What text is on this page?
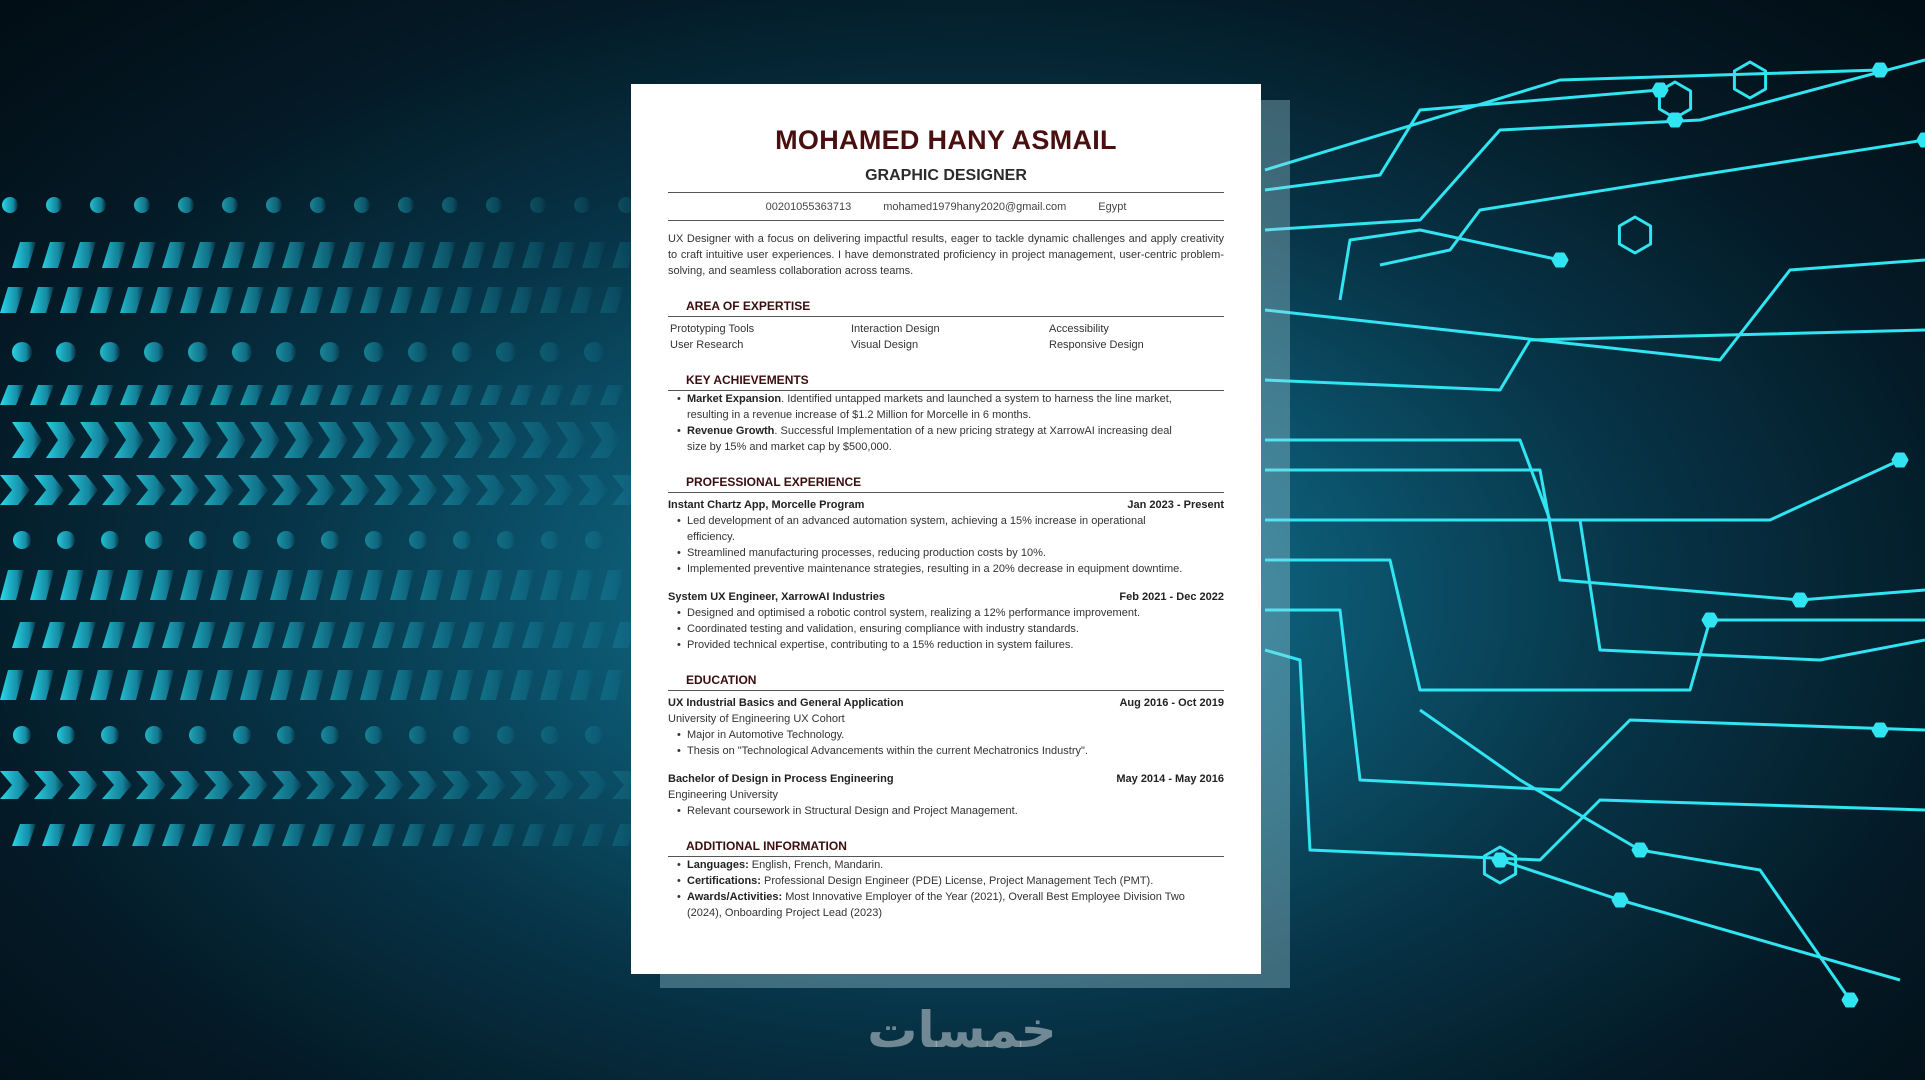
MOHAMED HANY ASMAIL
GRAPHIC DESIGNER
00201055363713	mohamed1979hany2020@gmail.com	Egypt
UX Designer with a focus on delivering impactful results, eager to tackle dynamic challenges and apply creativity to craft intuitive user experiences. I have demonstrated proficiency in project management, user-centric problem-solving, and seamless collaboration across teams.
AREA OF EXPERTISE
Prototyping Tools	Interaction Design	Accessibility
User Research	Visual Design	Responsive Design
KEY ACHIEVEMENTS
• Market Expansion. Identified untapped markets and launched a system to harness the line market, resulting in a revenue increase of $1.2 Million for Morcelle in 6 months.
• Revenue Growth. Successful Implementation of a new pricing strategy at XarrowAI increasing deal size by 15% and market cap by $500,000.
PROFESSIONAL EXPERIENCE
Instant Chartz App, Morcelle Program	Jan 2023 - Present
• Led development of an advanced automation system, achieving a 15% increase in operational efficiency.
• Streamlined manufacturing processes, reducing production costs by 10%.
• Implemented preventive maintenance strategies, resulting in a 20% decrease in equipment downtime.
System UX Engineer, XarrowAI Industries	Feb 2021 - Dec 2022
• Designed and optimised a robotic control system, realizing a 12% performance improvement.
• Coordinated testing and validation, ensuring compliance with industry standards.
• Provided technical expertise, contributing to a 15% reduction in system failures.
EDUCATION
UX Industrial Basics and General Application	Aug 2016 - Oct 2019
University of Engineering UX Cohort
• Major in Automotive Technology.
• Thesis on "Technological Advancements within the current Mechatronics Industry".
Bachelor of Design in Process Engineering	May 2014 - May 2016
Engineering University
• Relevant coursework in Structural Design and Project Management.
ADDITIONAL INFORMATION
• Languages: English, French, Mandarin.
• Certifications: Professional Design Engineer (PDE) License, Project Management Tech (PMT).
• Awards/Activities: Most Innovative Employer of the Year (2021), Overall Best Employee Division Two (2024), Onboarding Project Lead (2023)
خمسات
